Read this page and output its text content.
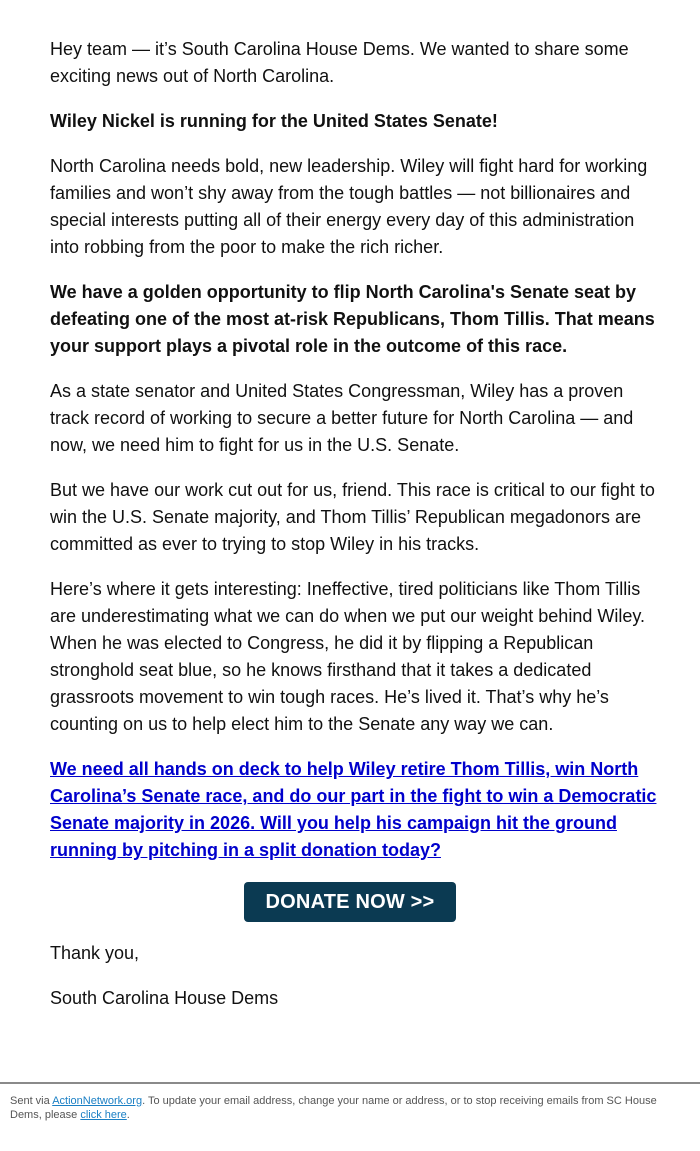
Hey team — it’s South Carolina House Dems. We wanted to share some exciting news out of North Carolina.

Wiley Nickel is running for the United States Senate!

North Carolina needs bold, new leadership. Wiley will fight hard for working families and won’t shy away from the tough battles — not billionaires and special interests putting all of their energy every day of this administration into robbing from the poor to make the rich richer.

We have a golden opportunity to flip North Carolina's Senate seat by defeating one of the most at-risk Republicans, Thom Tillis. That means your support plays a pivotal role in the outcome of this race.

As a state senator and United States Congressman, Wiley has a proven track record of working to secure a better future for North Carolina — and now, we need him to fight for us in the U.S. Senate.

But we have our work cut out for us, friend. This race is critical to our fight to win the U.S. Senate majority, and Thom Tillis’ Republican megadonors are committed as ever to trying to stop Wiley in his tracks.

Here’s where it gets interesting: Ineffective, tired politicians like Thom Tillis are underestimating what we can do when we put our weight behind Wiley. When he was elected to Congress, he did it by flipping a Republican stronghold seat blue, so he knows firsthand that it takes a dedicated grassroots movement to win tough races. He’s lived it. That’s why he’s counting on us to help elect him to the Senate any way we can.

We need all hands on deck to help Wiley retire Thom Tillis, win North Carolina’s Senate race, and do our part in the fight to win a Democratic Senate majority in 2026. Will you help his campaign hit the ground running by pitching in a split donation today?

DONATE NOW >>

Thank you,

South Carolina House Dems

Sent via ActionNetwork.org. To update your email address, change your name or address, or to stop receiving emails from SC House Dems, please click here.
